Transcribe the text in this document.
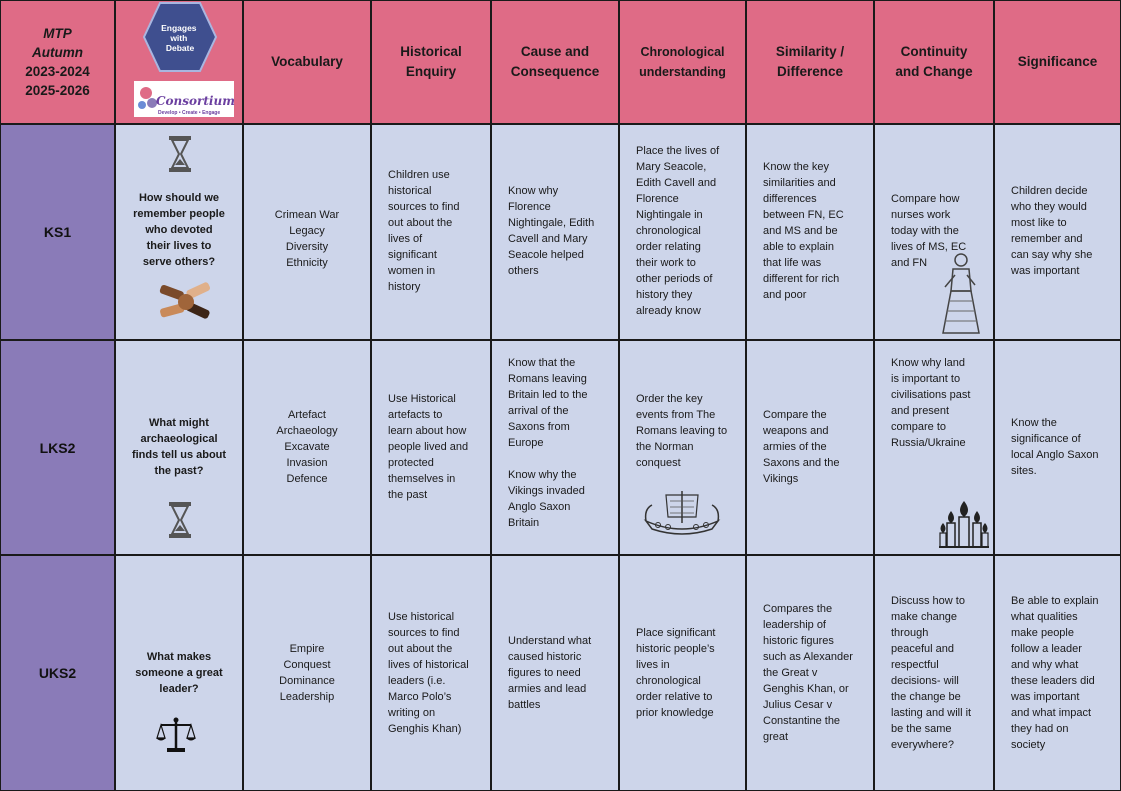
MTP
Autumn
2023-2024
2025-2026
Engages with Debate
Consortium
Develop • Create • Engage
Vocabulary
Historical
Enquiry
Cause and
Consequence
Chronological
understanding
Similarity /
Difference
Continuity
and Change
Significance
KS1
How should we
remember people
who devoted
their lives to
serve others?
Crimean War
Legacy
Diversity
Ethnicity
Children use
historical
sources to find
out about the
lives of
significant
women in
history
Know why
Florence
Nightingale, Edith
Cavell and Mary
Seacole helped
others
Place the lives of
Mary Seacole,
Edith Cavell and
Florence
Nightingale in
chronological
order relating
their work to
other periods of
history they
already know
Know the key
similarities and
differences
between FN, EC
and MS and be
able to explain
that life was
different for rich
and poor
Compare how
nurses work
today with the
lives of MS, EC
and FN
Children decide
who they would
most like to
remember and
can say why she
was important
LKS2
What might
archaeological
finds tell us about
the past?
Artefact
Archaeology
Excavate
Invasion
Defence
Use Historical
artefacts to
learn about how
people lived and
protected
themselves in
the past
Know that the
Romans leaving
Britain led to the
arrival of the
Saxons from
Europe

Know why the
Vikings invaded
Anglo Saxon
Britain
Order the key
events from The
Romans leaving to
the Norman
conquest
Compare the
weapons and
armies of the
Saxons and the
Vikings
Know why land
is important to
civilisations past
and present
compare to
Russia/Ukraine
Know the
significance of
local Anglo Saxon
sites.
UKS2
What makes
someone a great
leader?
Empire
Conquest
Dominance
Leadership
Use historical
sources to find
out about the
lives of historical
leaders (i.e.
Marco Polo’s
writing on
Genghis Khan)
Understand what
caused historic
figures to need
armies and lead
battles
Place significant
historic people’s
lives in
chronological
order relative to
prior knowledge
Compares the
leadership of
historic figures
such as Alexander
the Great v
Genghis Khan, or
Julius Cesar v
Constantine the
great
Discuss how to
make change
through
peaceful and
respectful
decisions- will
the change be
lasting and will it
be the same
everywhere?
Be able to explain
what qualities
make people
follow a leader
and why what
these leaders did
was important
and what impact
they had on
society
